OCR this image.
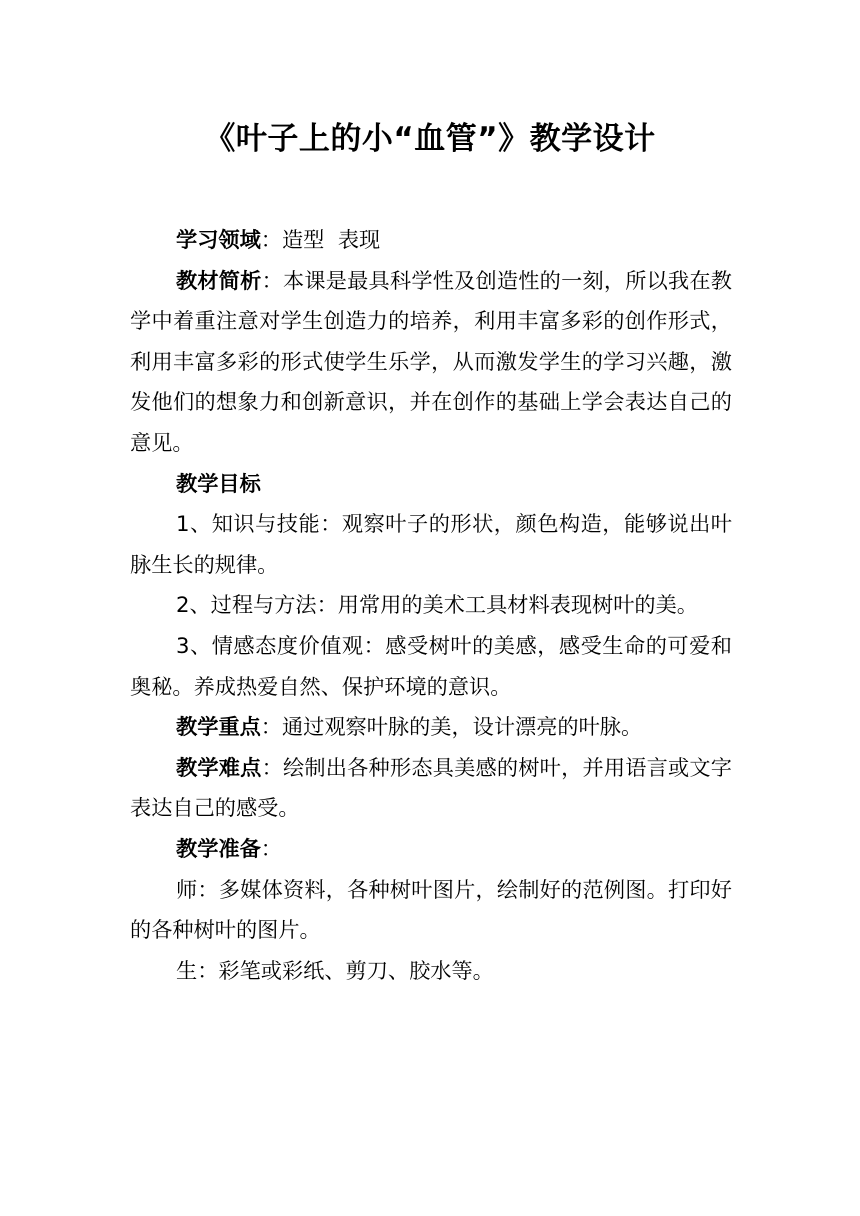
《叶子上的小“血管”》教学设计

学习领域：造型  表现

教材简析：本课是最具科学性及创造性的一刻，所以我在教学中着重注意对学生创造力的培养，利用丰富多彩的创作形式，利用丰富多彩的形式使学生乐学，从而激发学生的学习兴趣，激发他们的想象力和创新意识，并在创作的基础上学会表达自己的意见。

教学目标

1、知识与技能：观察叶子的形状，颜色构造，能够说出叶脉生长的规律。

2、过程与方法：用常用的美术工具材料表现树叶的美。

3、情感态度价值观：感受树叶的美感，感受生命的可爱和奥秘。养成热爱自然、保护环境的意识。

教学重点：通过观察叶脉的美，设计漂亮的叶脉。

教学难点：绘制出各种形态具美感的树叶，并用语言或文字表达自己的感受。

教学准备：

师：多媒体资料，各种树叶图片，绘制好的范例图。打印好的各种树叶的图片。

生：彩笔或彩纸、剪刀、胶水等。
